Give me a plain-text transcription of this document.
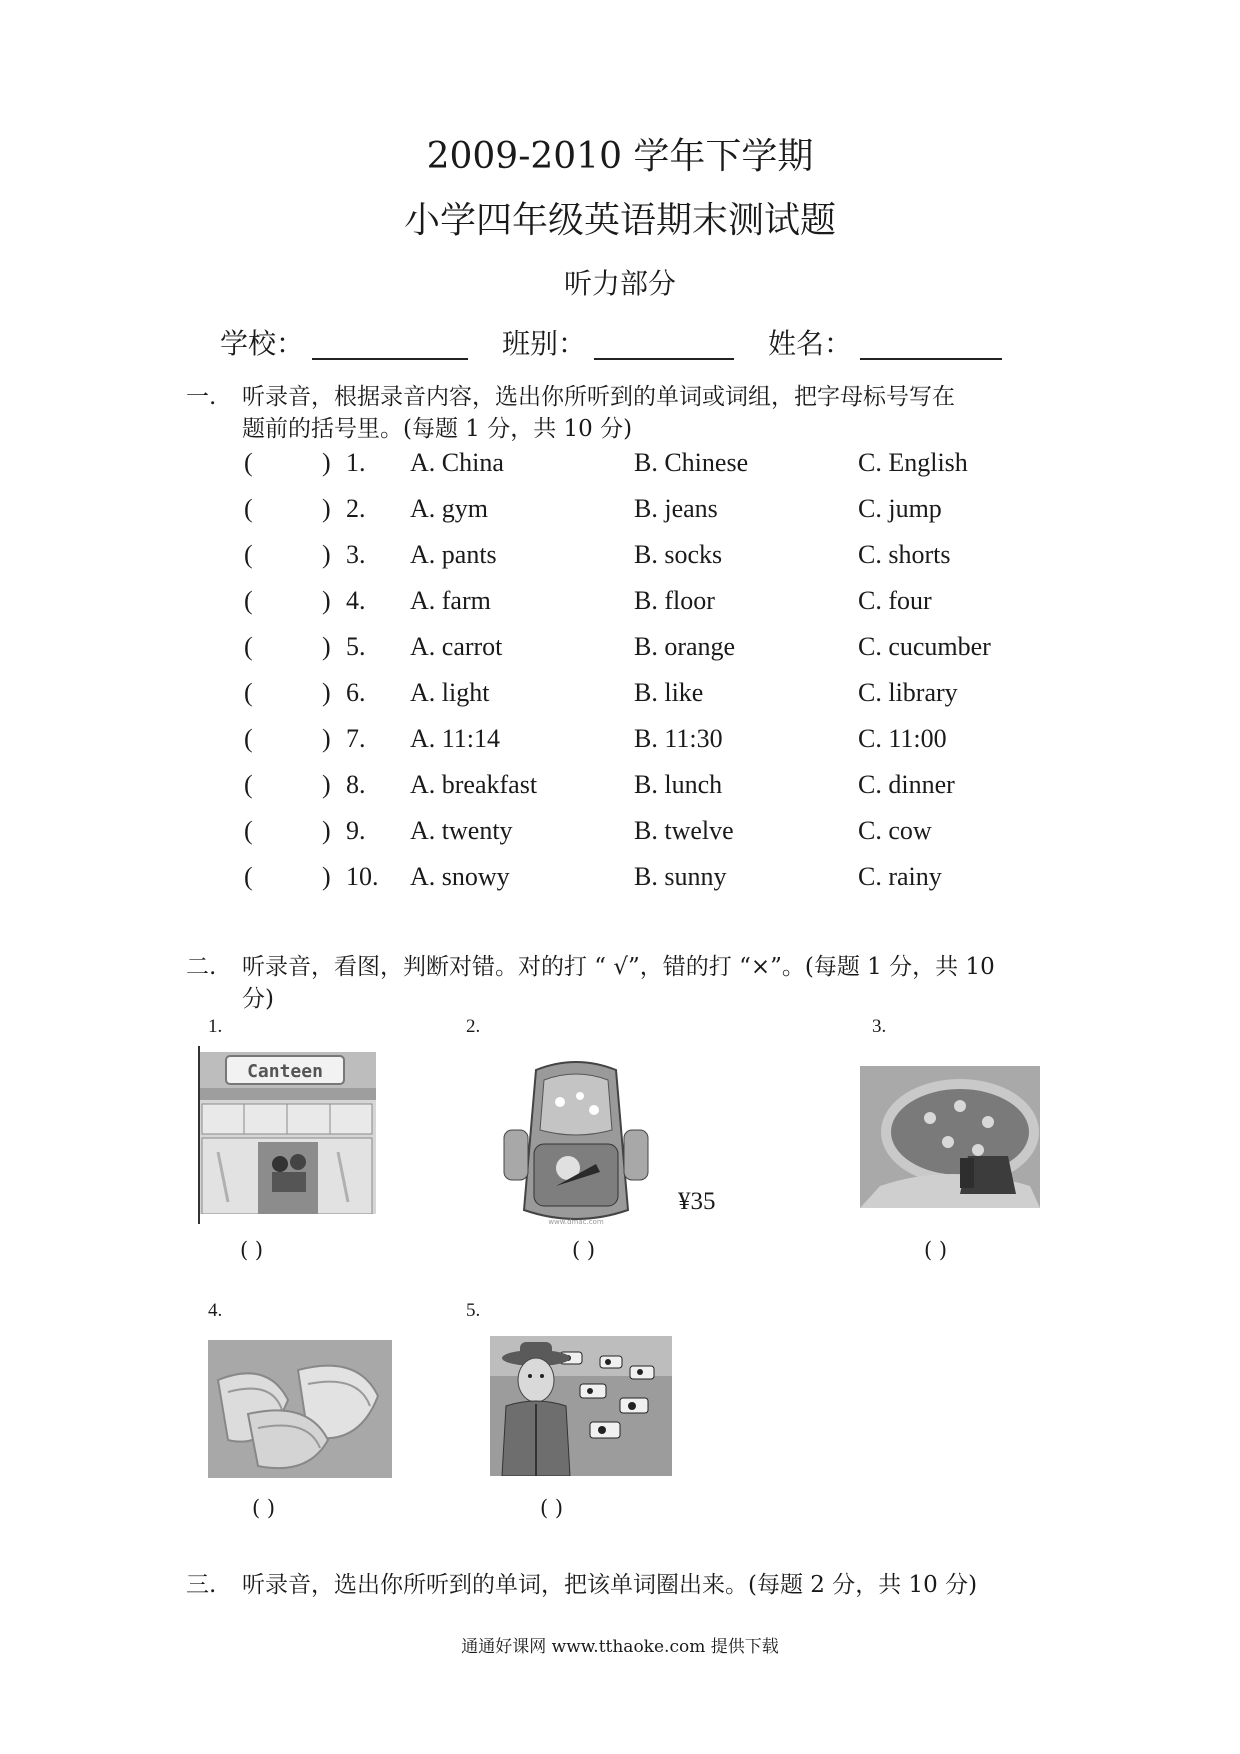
2009-2010 学年下学期
小学四年级英语期末测试题
听力部分
学校：	班别：	姓名：
一. 听录音，根据录音内容，选出你所听到的单词或词组，把字母标号写在
题前的括号里。(每题 1 分，共 10 分)
(	) 1. A. China	B. Chinese	C. English
(	) 2. A. gym	B. jeans	C. jump
(	) 3. A. pants	B. socks	C. shorts
(	) 4. A. farm	B. floor	C. four
(	) 5. A. carrot	B. orange	C. cucumber
(	) 6. A. light	B. like	C. library
(	) 7. A. 11:14	B. 11:30	C. 11:00
(	) 8. A. breakfast	B. lunch	C. dinner
(	) 9. A. twenty	B. twelve	C. cow
(	) 10. A. snowy	B. sunny	C. rainy
二. 听录音，看图，判断对错。对的打 “ √”，错的打 “×”。(每题 1 分，共 10
分)
1.
Canteen
( )
2.
www.dmac.com
¥35
( )
3.
( )
4.
( )
5.
( )
三. 听录音，选出你所听到的单词，把该单词圈出来。(每题 2 分，共 10 分)
通通好课网 www.tthaoke.com 提供下载
